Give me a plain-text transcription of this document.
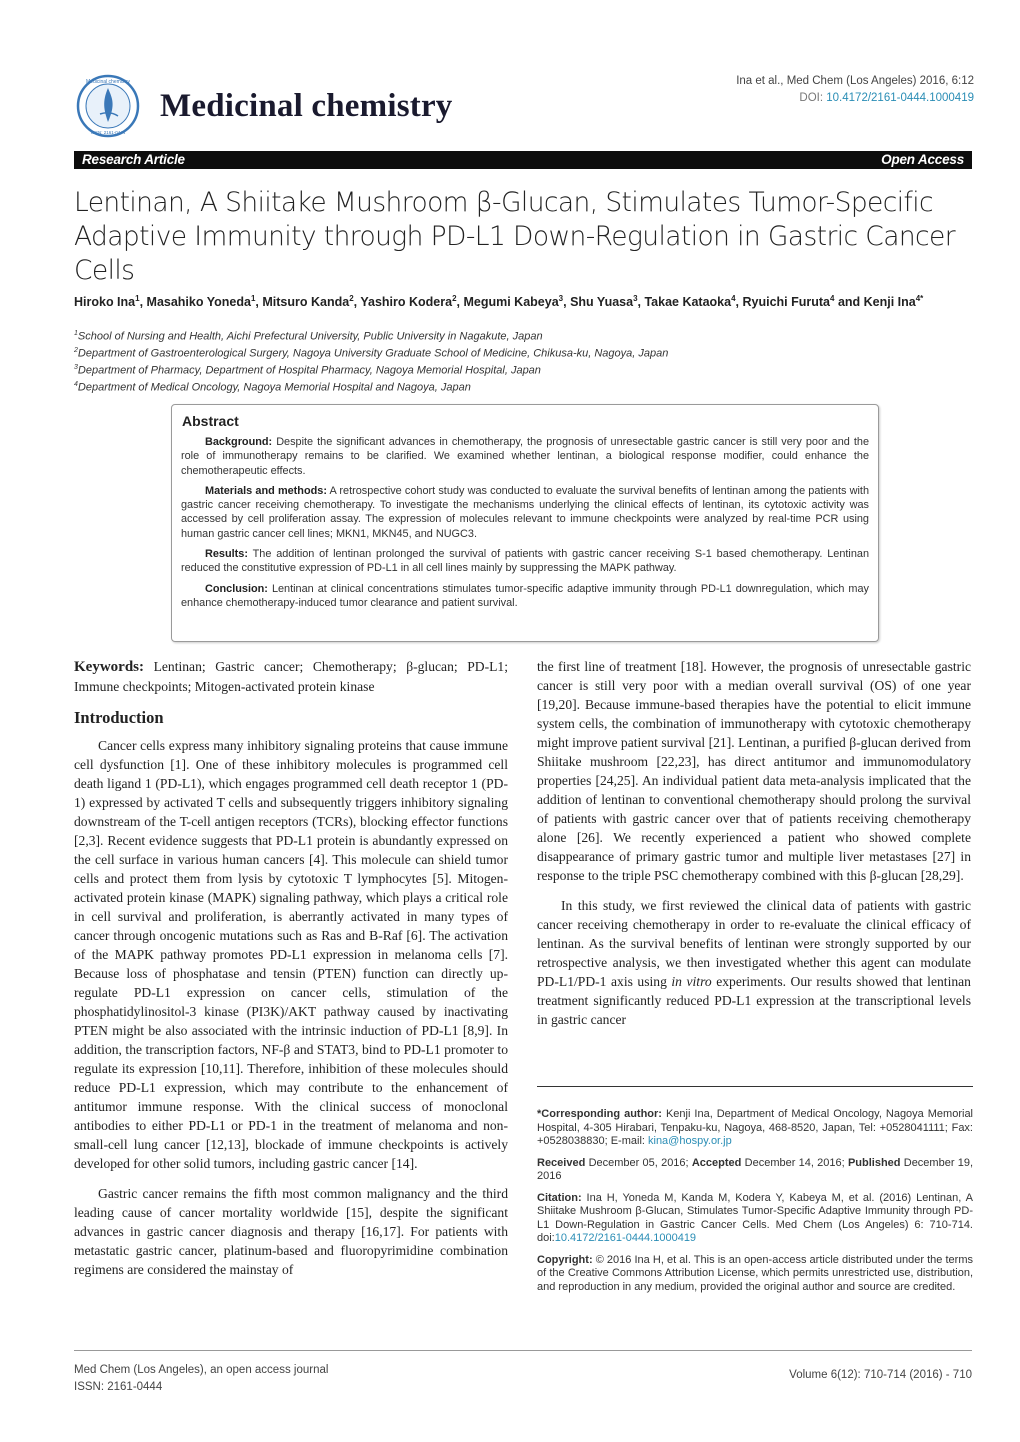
Medicinal chemistry
ISSN: 2161-0444
Medicinal chemistry
Ina et al., Med Chem (Los Angeles) 2016, 6:12
DOI: 10.4172/2161-0444.1000419
Research Article	Open Access
Lentinan, A Shiitake Mushroom β-Glucan, Stimulates Tumor-Specific Adaptive Immunity through PD-L1 Down-Regulation in Gastric Cancer Cells
Hiroko Ina$^1$, Masahiko Yoneda$^1$, Mitsuro Kanda$^2$, Yashiro Kodera$^2$, Megumi Kabeya$^3$, Shu Yuasa$^3$, Takae Kataoka$^4$, Ryuichi Furuta$^4$ and Kenji Ina$^{4*}$
$^1$School of Nursing and Health, Aichi Prefectural University, Public University in Nagakute, Japan
$^2$Department of Gastroenterological Surgery, Nagoya University Graduate School of Medicine, Chikusa-ku, Nagoya, Japan
$^3$Department of Pharmacy, Department of Hospital Pharmacy, Nagoya Memorial Hospital, Japan
$^4$Department of Medical Oncology, Nagoya Memorial Hospital and Nagoya, Japan
Abstract

Background: Despite the significant advances in chemotherapy, the prognosis of unresectable gastric cancer is still very poor and the role of immunotherapy remains to be clarified. We examined whether lentinan, a biological response modifier, could enhance the chemotherapeutic effects.

Materials and methods: A retrospective cohort study was conducted to evaluate the survival benefits of lentinan among the patients with gastric cancer receiving chemotherapy. To investigate the mechanisms underlying the clinical effects of lentinan, its cytotoxic activity was accessed by cell proliferation assay. The expression of molecules relevant to immune checkpoints were analyzed by real-time PCR using human gastric cancer cell lines; MKN1, MKN45, and NUGC3.

Results: The addition of lentinan prolonged the survival of patients with gastric cancer receiving S-1 based chemotherapy. Lentinan reduced the constitutive expression of PD-L1 in all cell lines mainly by suppressing the MAPK pathway.

Conclusion: Lentinan at clinical concentrations stimulates tumor-specific adaptive immunity through PD-L1 downregulation, which may enhance chemotherapy-induced tumor clearance and patient survival.

Keywords: Lentinan; Gastric cancer; Chemotherapy; β-glucan; PD-L1; Immune checkpoints; Mitogen-activated protein kinase

Introduction

Cancer cells express many inhibitory signaling proteins that cause immune cell dysfunction [1]. One of these inhibitory molecules is programmed cell death ligand 1 (PD-L1), which engages programmed cell death receptor 1 (PD-1) expressed by activated T cells and subsequently triggers inhibitory signaling downstream of the T-cell antigen receptors (TCRs), blocking effector functions [2,3]. Recent evidence suggests that PD-L1 protein is abundantly expressed on the cell surface in various human cancers [4]. This molecule can shield tumor cells and protect them from lysis by cytotoxic T lymphocytes [5]. Mitogen-activated protein kinase (MAPK) signaling pathway, which plays a critical role in cell survival and proliferation, is aberrantly activated in many types of cancer through oncogenic mutations such as Ras and B-Raf [6]. The activation of the MAPK pathway promotes PD-L1 expression in melanoma cells [7]. Because loss of phosphatase and tensin (PTEN) function can directly up-regulate PD-L1 expression on cancer cells, stimulation of the phosphatidylinositol-3 kinase (PI3K)/AKT pathway caused by inactivating PTEN might be also associated with the intrinsic induction of PD-L1 [8,9]. In addition, the transcription factors, NF-β and STAT3, bind to PD-L1 promoter to regulate its expression [10,11]. Therefore, inhibition of these molecules should reduce PD-L1 expression, which may contribute to the enhancement of antitumor immune response. With the clinical success of monoclonal antibodies to either PD-L1 or PD-1 in the treatment of melanoma and non-small-cell lung cancer [12,13], blockade of immune checkpoints is actively developed for other solid tumors, including gastric cancer [14].

Gastric cancer remains the fifth most common malignancy and the third leading cause of cancer mortality worldwide [15], despite the significant advances in gastric cancer diagnosis and therapy [16,17]. For patients with metastatic gastric cancer, platinum-based and fluoropyrimidine combination regimens are considered the mainstay of

the first line of treatment [18]. However, the prognosis of unresectable gastric cancer is still very poor with a median overall survival (OS) of one year [19,20]. Because immune-based therapies have the potential to elicit immune system cells, the combination of immunotherapy with cytotoxic chemotherapy might improve patient survival [21]. Lentinan, a purified β-glucan derived from Shiitake mushroom [22,23], has direct antitumor and immunomodulatory properties [24,25]. An individual patient data meta-analysis implicated that the addition of lentinan to conventional chemotherapy should prolong the survival of patients with gastric cancer over that of patients receiving chemotherapy alone [26]. We recently experienced a patient who showed complete disappearance of primary gastric tumor and multiple liver metastases [27] in response to the triple PSC chemotherapy combined with this β-glucan [28,29].

In this study, we first reviewed the clinical data of patients with gastric cancer receiving chemotherapy in order to re-evaluate the clinical efficacy of lentinan. As the survival benefits of lentinan were strongly supported by our retrospective analysis, we then investigated whether this agent can modulate PD-L1/PD-1 axis using in vitro experiments. Our results showed that lentinan treatment significantly reduced PD-L1 expression at the transcriptional levels in gastric cancer

*Corresponding author: Kenji Ina, Department of Medical Oncology, Nagoya Memorial Hospital, 4-305 Hirabari, Tenpaku-ku, Nagoya, 468-8520, Japan, Tel: +0528041111; Fax: +0528038830; E-mail: kina@hospy.or.jp

Received December 05, 2016; Accepted December 14, 2016; Published December 19, 2016

Citation: Ina H, Yoneda M, Kanda M, Kodera Y, Kabeya M, et al. (2016) Lentinan, A Shiitake Mushroom β-Glucan, Stimulates Tumor-Specific Adaptive Immunity through PD-L1 Down-Regulation in Gastric Cancer Cells. Med Chem (Los Angeles) 6: 710-714. doi:10.4172/2161-0444.1000419

Copyright: © 2016 Ina H, et al. This is an open-access article distributed under the terms of the Creative Commons Attribution License, which permits unrestricted use, distribution, and reproduction in any medium, provided the original author and source are credited.

Med Chem (Los Angeles), an open access journal
ISSN: 2161-0444
Volume 6(12): 710-714 (2016) - 710
